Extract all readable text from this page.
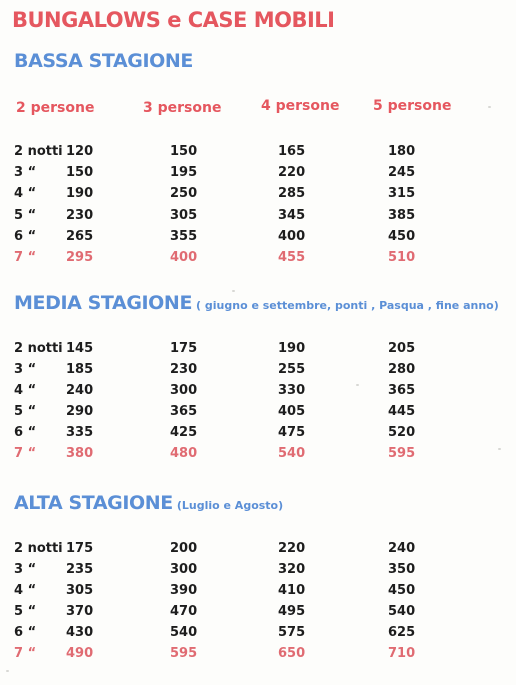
BUNGALOWS e CASE MOBILI
BASSA STAGIONE
2 persone	3 persone	4 persone 5 persone
2 notti 120	150	165	180
3 “ 150	195	220	245
4 “ 190	250	285	315
5 “ 230	305	345	385
6 “ 265	355	400	450
7 “ 295	400	455	510
MEDIA STAGIONE ( giugno e settembre, ponti , Pasqua , fine anno)
2 notti 145	175	190	205
3 “ 185	230	255	280
4 “ 240	300	330	365
5 “ 290	365	405	445
6 “ 335	425	475	520
7 “ 380	480	540	595
ALTA STAGIONE (Luglio e Agosto)
2 notti 175	200	220	240
3 “ 235	300	320	350
4 “ 305	390	410	450
5 “ 370	470	495	540
6 “ 430	540	575	625
7 “ 490	595	650	710
